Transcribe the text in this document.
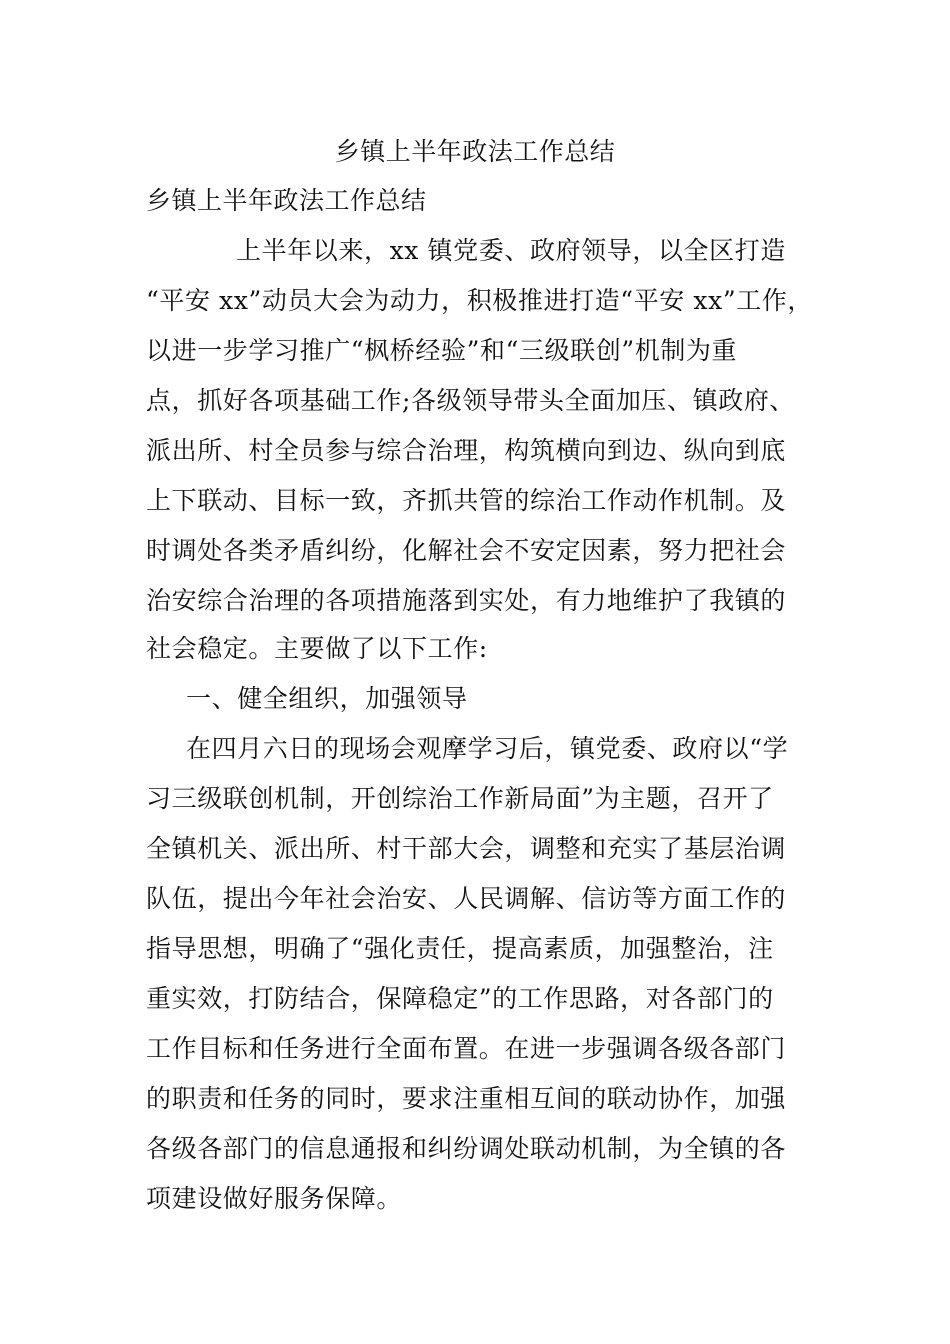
乡镇上半年政法工作总结
乡镇上半年政法工作总结
上半年以来，xx 镇党委、政府领导，以全区打造
“平安 xx”动员大会为动力，积极推进打造“平安 xx”工作，
以进一步学习推广“枫桥经验”和“三级联创”机制为重
点，抓好各项基础工作;各级领导带头全面加压、镇政府、
派出所、村全员参与综合治理，构筑横向到边、纵向到底
上下联动、目标一致，齐抓共管的综治工作动作机制。及
时调处各类矛盾纠纷，化解社会不安定因素，努力把社会
治安综合治理的各项措施落到实处，有力地维护了我镇的
社会稳定。主要做了以下工作:
一、健全组织，加强领导
在四月六日的现场会观摩学习后，镇党委、政府以“学
习三级联创机制，开创综治工作新局面”为主题，召开了
全镇机关、派出所、村干部大会，调整和充实了基层治调
队伍，提出今年社会治安、人民调解、信访等方面工作的
指导思想，明确了“强化责任，提高素质，加强整治，注
重实效，打防结合，保障稳定”的工作思路，对各部门的
工作目标和任务进行全面布置。在进一步强调各级各部门
的职责和任务的同时，要求注重相互间的联动协作，加强
各级各部门的信息通报和纠纷调处联动机制，为全镇的各
项建设做好服务保障。
